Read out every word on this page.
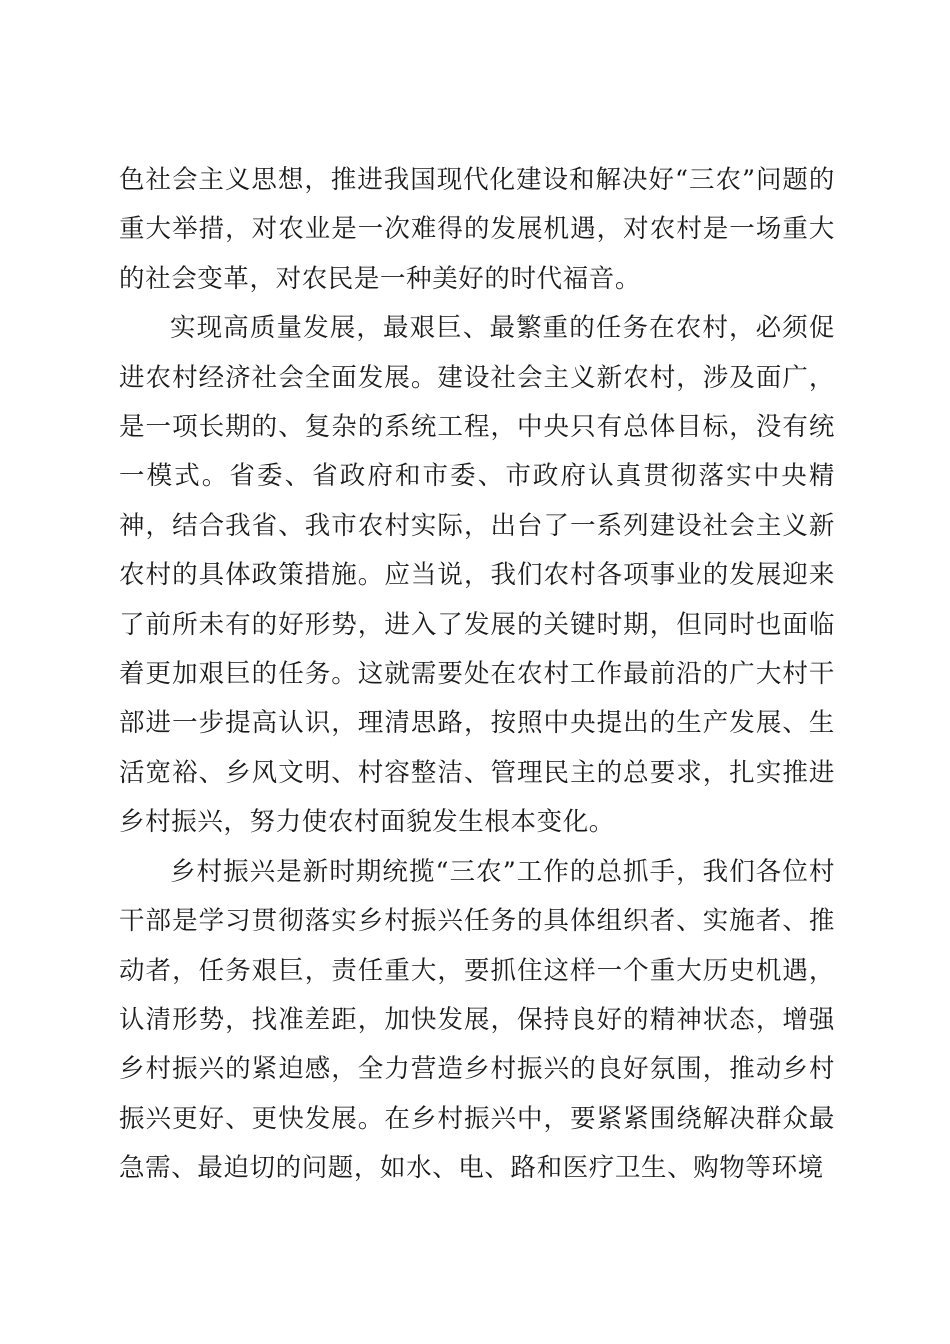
色社会主义思想，推进我国现代化建设和解决好“三农”问题的重大举措，对农业是一次难得的发展机遇，对农村是一场重大的社会变革，对农民是一种美好的时代福音。

实现高质量发展，最艰巨、最繁重的任务在农村，必须促进农村经济社会全面发展。建设社会主义新农村，涉及面广，是一项长期的、复杂的系统工程，中央只有总体目标，没有统一模式。省委、省政府和市委、市政府认真贯彻落实中央精神，结合我省、我市农村实际，出台了一系列建设社会主义新农村的具体政策措施。应当说，我们农村各项事业的发展迎来了前所未有的好形势，进入了发展的关键时期，但同时也面临着更加艰巨的任务。这就需要处在农村工作最前沿的广大村干部进一步提高认识，理清思路，按照中央提出的生产发展、生活宽裕、乡风文明、村容整洁、管理民主的总要求，扎实推进乡村振兴，努力使农村面貌发生根本变化。

乡村振兴是新时期统揽“三农”工作的总抓手，我们各位村干部是学习贯彻落实乡村振兴任务的具体组织者、实施者、推动者，任务艰巨，责任重大，要抓住这样一个重大历史机遇，认清形势，找准差距，加快发展，保持良好的精神状态，增强乡村振兴的紧迫感，全力营造乡村振兴的良好氛围，推动乡村振兴更好、更快发展。在乡村振兴中，要紧紧围绕解决群众最急需、最迫切的问题，如水、电、路和医疗卫生、购物等环境
